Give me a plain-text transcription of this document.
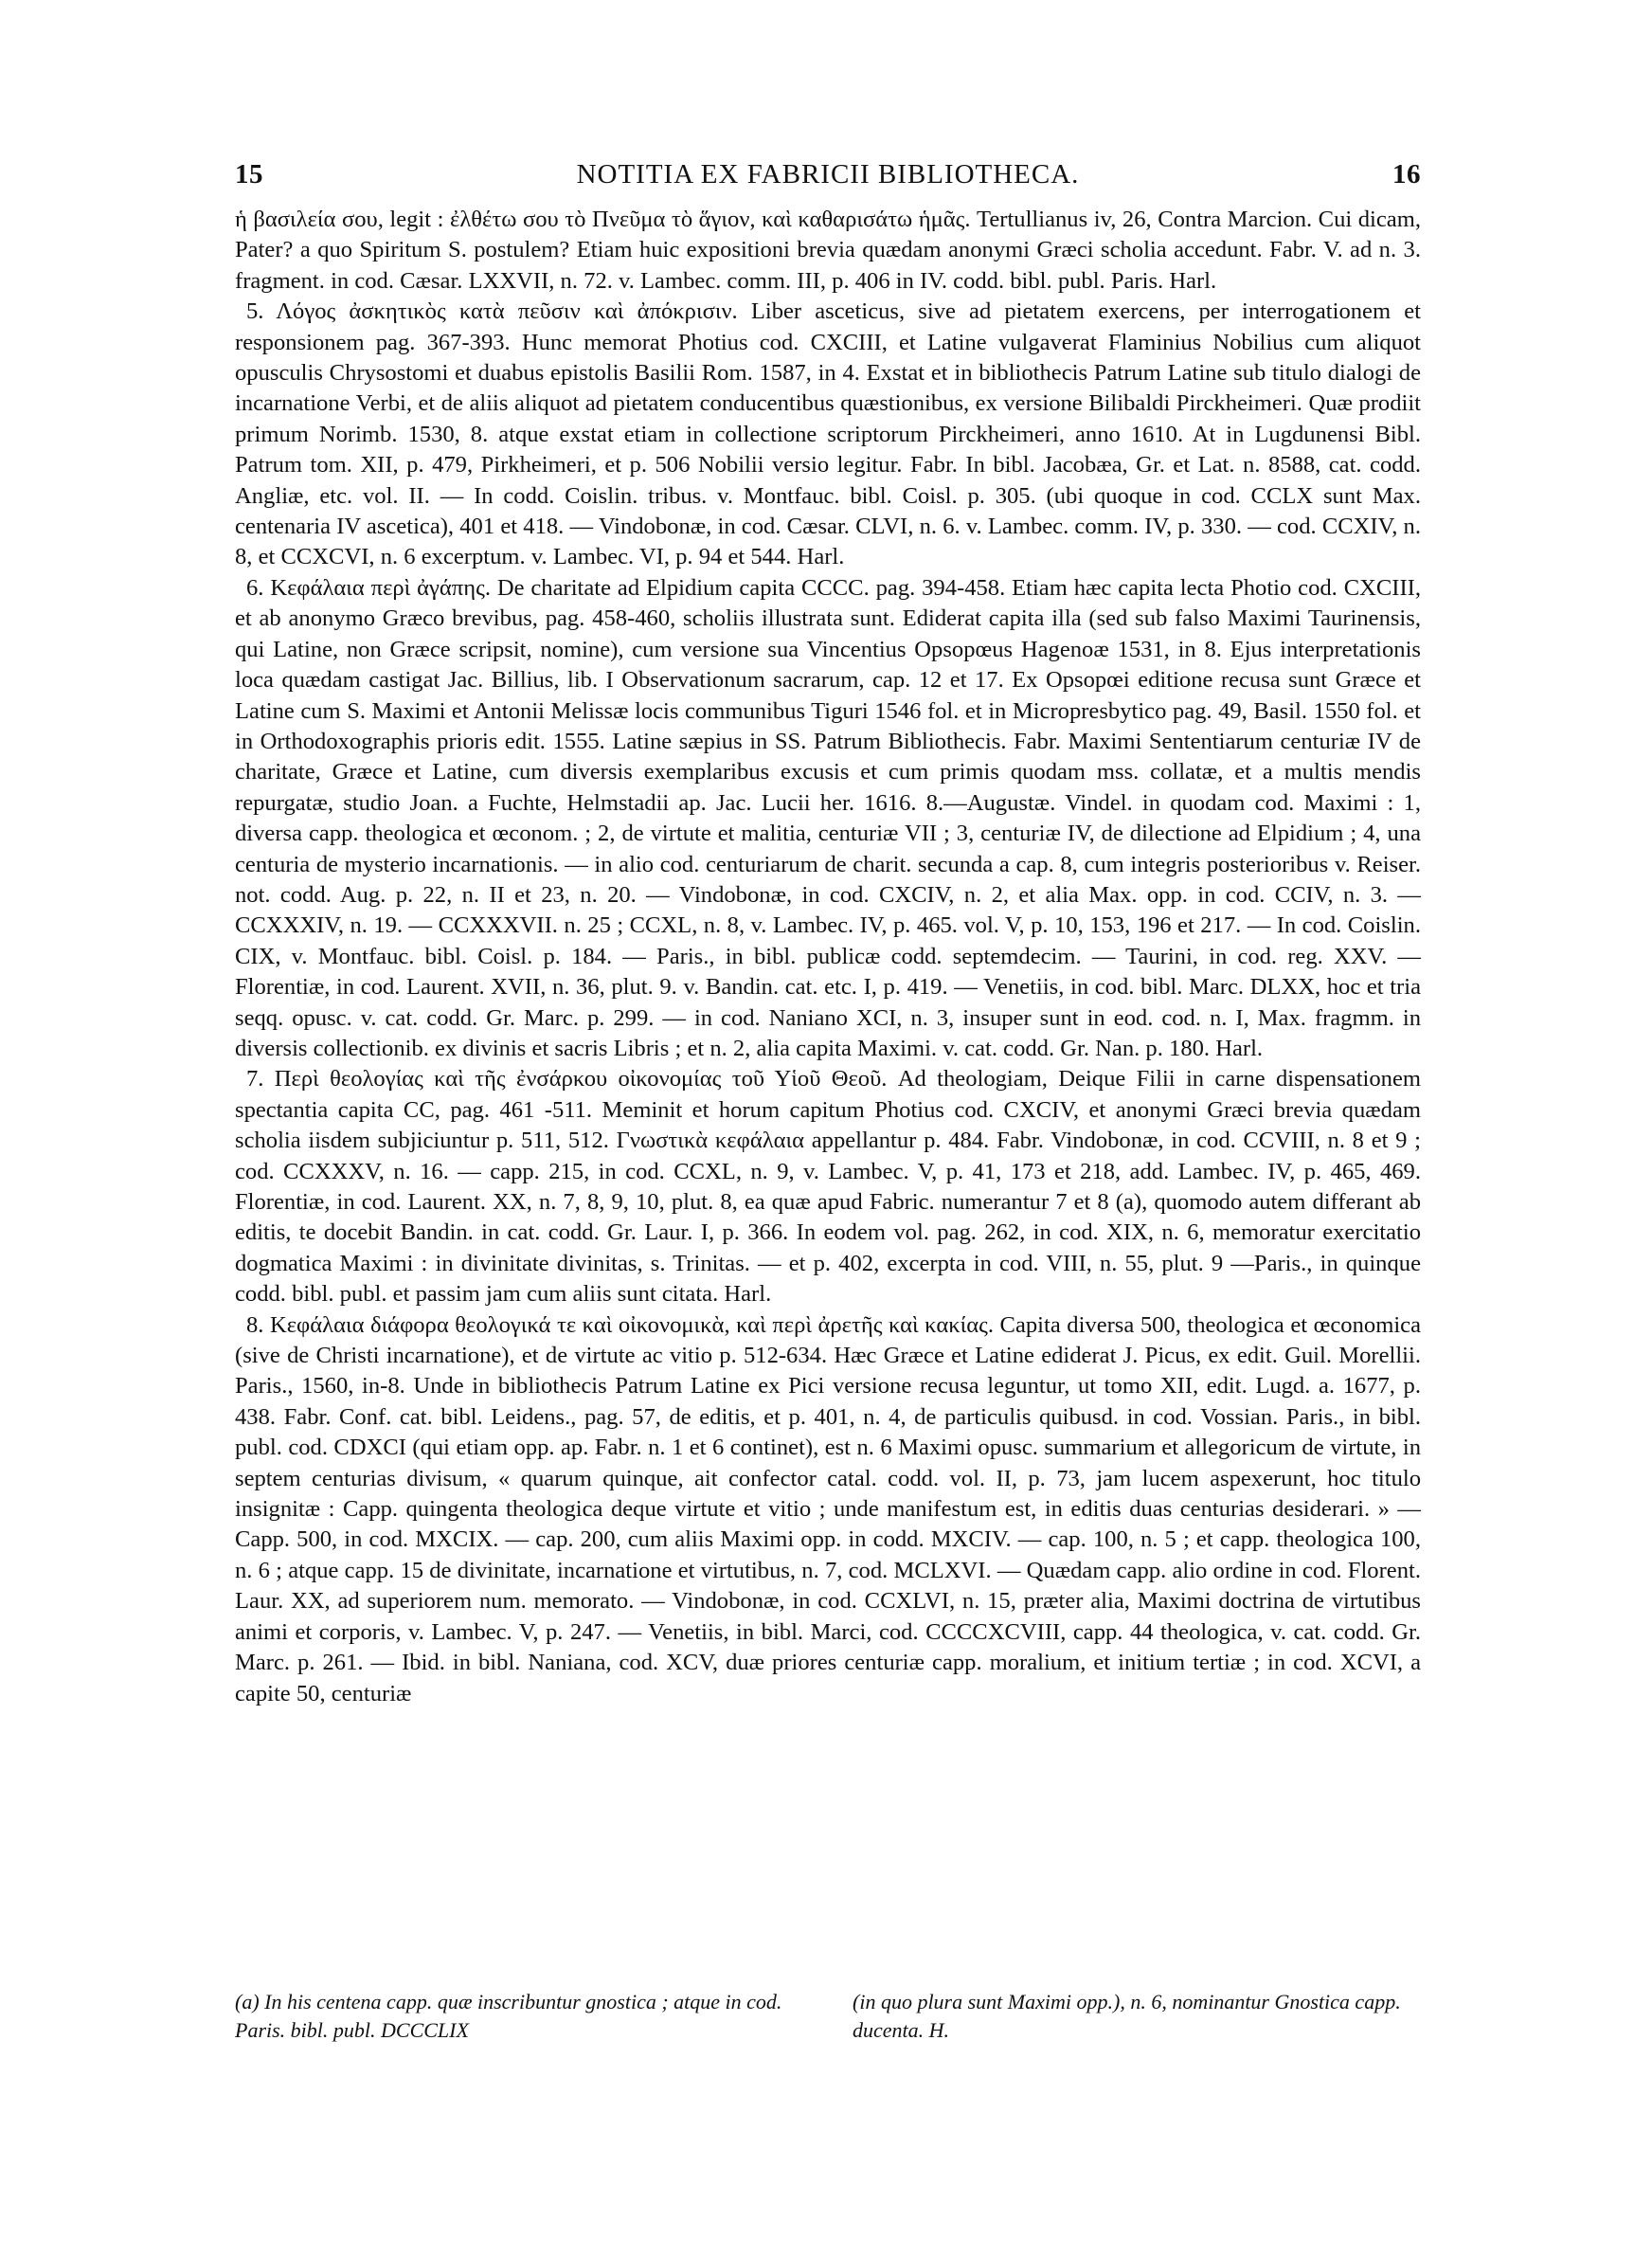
15	NOTITIA EX FABRICII BIBLIOTHECA.	16

ἡ βασιλεία σου, legit : ἐλθέτω σου τὸ Πνεῦμα τὸ ἅγιον, καὶ καθαρισάτω ἡμᾶς. Tertullianus iv, 26, Contra Marcion. Cui dicam, Pater? a quo Spiritum S. postulem? Etiam huic expositioni brevia quædam anonymi Græci scholia accedunt. Fabr. V. ad n. 3. fragment. in cod. Cæsar. LXXVII, n. 72. v. Lambec. comm. III, p. 406 in IV. codd. bibl. publ. Paris. Harl.

5. Λόγος ἀσκητικὸς κατὰ πεῦσιν καὶ ἀπόκρισιν. Liber asceticus, sive ad pietatem exercens, per interrogationem et responsionem pag. 367-393. Hunc memorat Photius cod. CXCIII, et Latine vulgaverat Flaminius Nobilius cum aliquot opusculis Chrysostomi et duabus epistolis Basilii Rom. 1587, in 4. Exstat et in bibliothecis Patrum Latine sub titulo dialogi de incarnatione Verbi, et de aliis aliquot ad pietatem conducentibus quæstionibus, ex versione Bilibaldi Pirckheimeri. Quæ prodiit primum Norimb. 1530, 8. atque exstat etiam in collectione scriptorum Pirckheimeri, anno 1610. At in Lugdunensi Bibl. Patrum tom. XII, p. 479, Pirkheimeri, et p. 506 Nobilii versio legitur. Fabr. In bibl. Jacobæa, Gr. et Lat. n. 8588, cat. codd. Angliæ, etc. vol. II. — In codd. Coislin. tribus. v. Montfauc. bibl. Coisl. p. 305. (ubi quoque in cod. CCLX sunt Max. centenaria IV ascetica), 401 et 418. — Vindobonæ, in cod. Cæsar. CLVI, n. 6. v. Lambec. comm. IV, p. 330. — cod. CCXIV, n. 8, et CCXCVI, n. 6 excerptum. v. Lambec. VI, p. 94 et 544. Harl.

6. Κεφάλαια περὶ ἀγάπης. De charitate ad Elpidium capita CCCC. pag. 394-458. Etiam hæc capita lecta Photio cod. CXCIII, et ab anonymo Græco brevibus, pag. 458-460, scholiis illustrata sunt. Ediderat capita illa (sed sub falso Maximi Taurinensis, qui Latine, non Græce scripsit, nomine), cum versione sua Vincentius Opsopœus Hagenoæ 1531, in 8. Ejus interpretationis loca quædam castigat Jac. Billius, lib. I Observationum sacrarum, cap. 12 et 17. Ex Opsopœi editione recusa sunt Græce et Latine cum S. Maximi et Antonii Melissæ locis communibus Tiguri 1546 fol. et in Micropresbytico pag. 49, Basil. 1550 fol. et in Orthodoxographis prioris edit. 1555. Latine sæpius in SS. Patrum Bibliothecis. Fabr. Maximi Sententiarum centuriæ IV de charitate, Græce et Latine, cum diversis exemplaribus excusis et cum primis quodam mss. collatæ, et a multis mendis repurgatæ, studio Joan. a Fuchte, Helmstadii ap. Jac. Lucii her. 1616. 8.—Augustæ. Vindel. in quodam cod. Maximi : 1, diversa capp. theologica et œconom. ; 2, de virtute et malitia, centuriæ VII ; 3, centuriæ IV, de dilectione ad Elpidium ; 4, una centuria de mysterio incarnationis. — in alio cod. centuriarum de charit. secunda a cap. 8, cum integris posterioribus v. Reiser. not. codd. Aug. p. 22, n. II et 23, n. 20. — Vindobonæ, in cod. CXCIV, n. 2, et alia Max. opp. in cod. CCIV, n. 3. — CCXXXIV, n. 19. — CCXXXVII. n. 25 ; CCXL, n. 8, v. Lambec. IV, p. 465. vol. V, p. 10, 153, 196 et 217. — In cod. Coislin. CIX, v. Montfauc. bibl. Coisl. p. 184. — Paris., in bibl. publicæ codd. septemdecim. — Taurini, in cod. reg. XXV. — Florentiæ, in cod. Laurent. XVII, n. 36, plut. 9. v. Bandin. cat. etc. I, p. 419. — Venetiis, in cod. bibl. Marc. DLXX, hoc et tria seqq. opusc. v. cat. codd. Gr. Marc. p. 299. — in cod. Naniano XCI, n. 3, insuper sunt in eod. cod. n. I, Max. fragmm. in diversis collectionib. ex divinis et sacris Libris ; et n. 2, alia capita Maximi. v. cat. codd. Gr. Nan. p. 180. Harl.

7. Περὶ θεολογίας καὶ τῆς ἐνσάρκου οἰκονομίας τοῦ Υἱοῦ Θεοῦ. Ad theologiam, Deique Filii in carne dispensationem spectantia capita CC, pag. 461 -511. Meminit et horum capitum Photius cod. CXCIV, et anonymi Græci brevia quædam scholia iisdem subjiciuntur p. 511, 512. Γνωστικὰ κεφάλαια appellantur p. 484. Fabr. Vindobonæ, in cod. CCVIII, n. 8 et 9 ; cod. CCXXXV, n. 16. — capp. 215, in cod. CCXL, n. 9, v. Lambec. V, p. 41, 173 et 218, add. Lambec. IV, p. 465, 469. Florentiæ, in cod. Laurent. XX, n. 7, 8, 9, 10, plut. 8, ea quæ apud Fabric. numerantur 7 et 8 (a), quomodo autem differant ab editis, te docebit Bandin. in cat. codd. Gr. Laur. I, p. 366. In eodem vol. pag. 262, in cod. XIX, n. 6, memoratur exercitatio dogmatica Maximi : in divinitate divinitas, s. Trinitas. — et p. 402, excerpta in cod. VIII, n. 55, plut. 9 —Paris., in quinque codd. bibl. publ. et passim jam cum aliis sunt citata. Harl.

8. Κεφάλαια διάφορα θεολογικά τε καὶ οἰκονομικὰ, καὶ περὶ ἀρετῆς καὶ κακίας. Capita diversa 500, theologica et œconomica (sive de Christi incarnatione), et de virtute ac vitio p. 512-634. Hæc Græce et Latine ediderat J. Picus, ex edit. Guil. Morellii. Paris., 1560, in-8. Unde in bibliothecis Patrum Latine ex Pici versione recusa leguntur, ut tomo XII, edit. Lugd. a. 1677, p. 438. Fabr. Conf. cat. bibl. Leidens., pag. 57, de editis, et p. 401, n. 4, de particulis quibusd. in cod. Vossian. Paris., in bibl. publ. cod. CDXCI (qui etiam opp. ap. Fabr. n. 1 et 6 continet), est n. 6 Maximi opusc. summarium et allegoricum de virtute, in septem centurias divisum, « quarum quinque, ait confector catal. codd. vol. II, p. 73, jam lucem aspexerunt, hoc titulo insignitæ : Capp. quingenta theologica deque virtute et vitio ; unde manifestum est, in editis duas centurias desiderari. » — Capp. 500, in cod. MXCIX. — cap. 200, cum aliis Maximi opp. in codd. MXCIV. — cap. 100, n. 5 ; et capp. theologica 100, n. 6 ; atque capp. 15 de divinitate, incarnatione et virtutibus, n. 7, cod. MCLXVI. — Quædam capp. alio ordine in cod. Florent. Laur. XX, ad superiorem num. memorato. — Vindobonæ, in cod. CCXLVI, n. 15, præter alia, Maximi doctrina de virtutibus animi et corporis, v. Lambec. V, p. 247. — Venetiis, in bibl. Marci, cod. CCCCXCVIII, capp. 44 theologica, v. cat. codd. Gr. Marc. p. 261. — Ibid. in bibl. Naniana, cod. XCV, duæ priores centuriæ capp. moralium, et initium tertiæ ; in cod. XCVI, a capite 50, centuriæ

(a) In his centena capp. quæ inscribuntur gnostica ; atque in cod. Paris. bibl. publ. DCCCLIX
(in quo plura sunt Maximi opp.), n. 6, nominantur Gnostica capp. ducenta. H.
